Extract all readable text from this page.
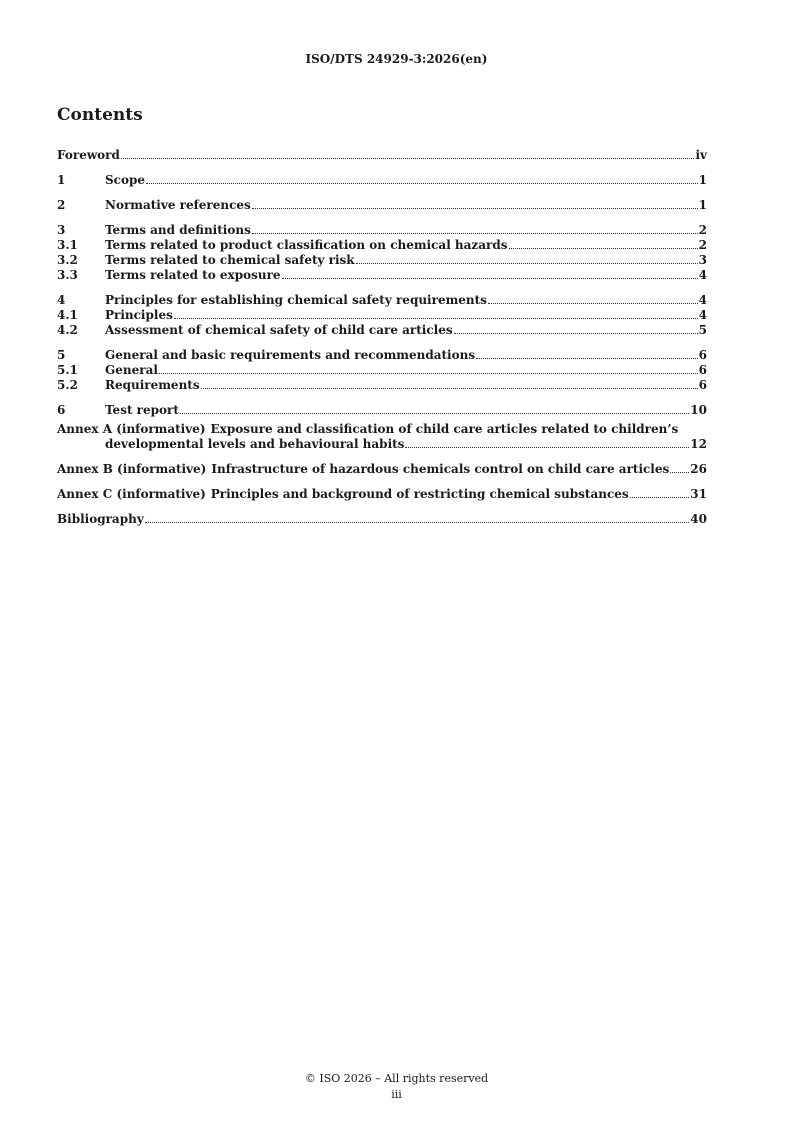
ISO/DTS 24929-3:2026(en)
Contents
Foreword	iv
1	Scope	1
2	Normative references	1
3	Terms and definitions	2
3.1	Terms related to product classification on chemical hazards	2
3.2	Terms related to chemical safety risk	3
3.3	Terms related to exposure	4
4	Principles for establishing chemical safety requirements	4
4.1	Principles	4
4.2	Assessment of chemical safety of child care articles	5
5	General and basic requirements and recommendations	6
5.1	General	6
5.2	Requirements	6
6	Test report	10
Annex A (informative) Exposure and classification of child care articles related to children’s
developmental levels and behavioural habits	12
Annex B (informative) Infrastructure of hazardous chemicals control on child care articles 26
Annex C (informative) Principles and background of restricting chemical substances	31
Bibliography	40
© ISO 2026 – All rights reserved
iii
